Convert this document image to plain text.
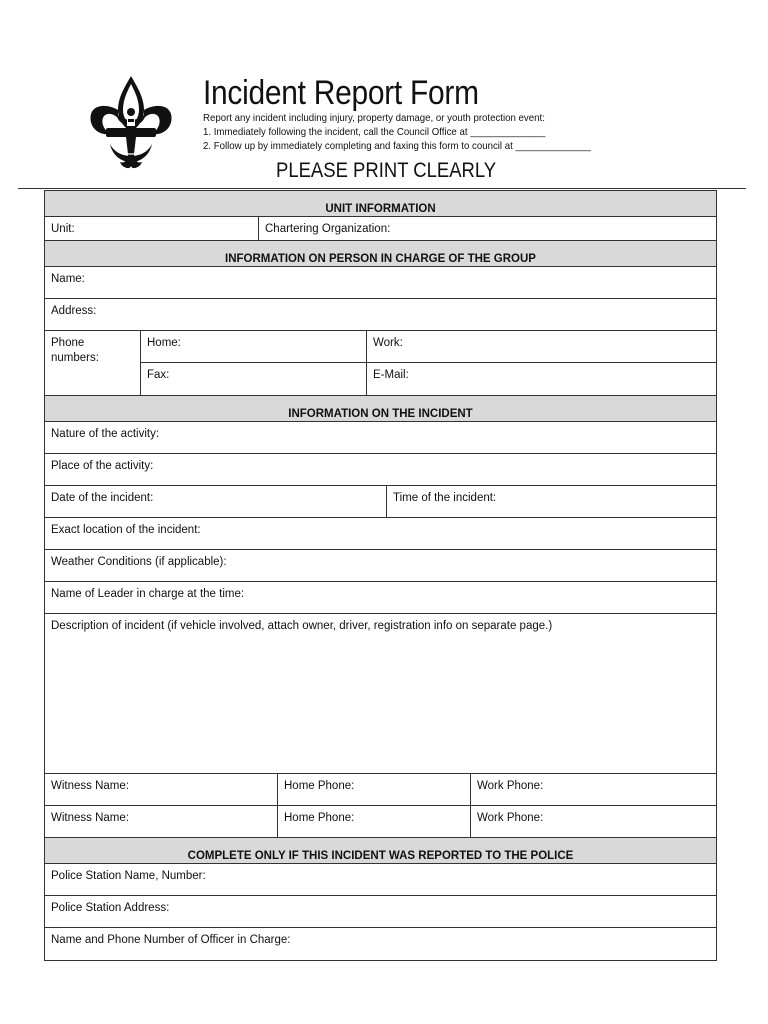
Incident Report Form
Report any incident including injury, property damage, or youth protection event:
1. Immediately following the incident, call the Council Office at ______________
2. Follow up by immediately completing and faxing this form to council at ______________
PLEASE PRINT CLEARLY
UNIT INFORMATION
Unit:	Chartering Organization:
INFORMATION ON PERSON IN CHARGE OF THE GROUP
Name:
Address:
Phone numbers:
Home:	Work:
Fax:	E-Mail:
INFORMATION ON THE INCIDENT
Nature of the activity:
Place of the activity:
Date of the incident:	Time of the incident:
Exact location of the incident:
Weather Conditions (if applicable):
Name of Leader in charge at the time:
Description of incident (if vehicle involved, attach owner, driver, registration info on separate page.)
Witness Name:	Home Phone:	Work Phone:
Witness Name:	Home Phone:	Work Phone:
COMPLETE ONLY IF THIS INCIDENT WAS REPORTED TO THE POLICE
Police Station Name, Number:
Police Station Address:
Name and Phone Number of Officer in Charge:
